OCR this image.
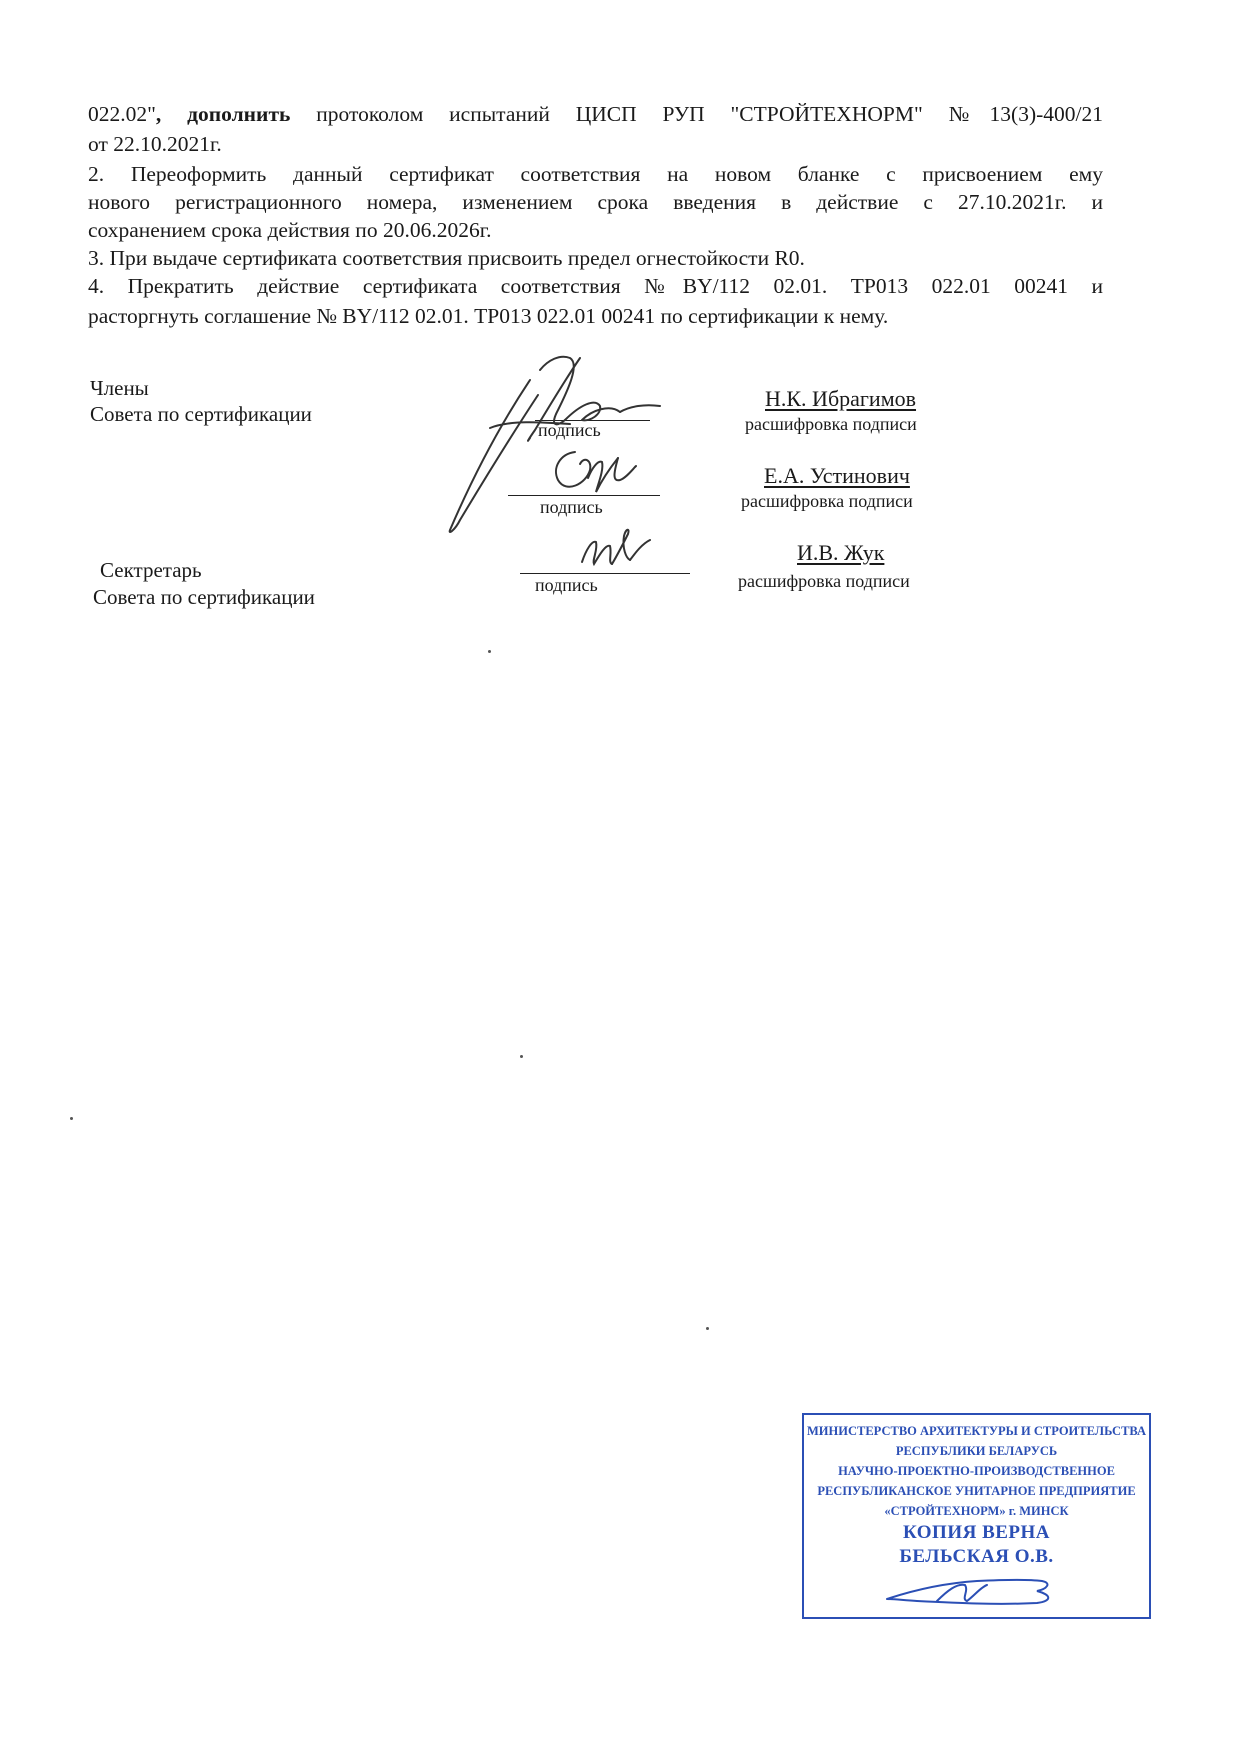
022.02", дополнить протоколом испытаний ЦИСП РУП "СТРОЙТЕХНОРМ" №13(3)-400/21
от 22.10.2021г.
2. Переоформить данный сертификат соответствия на новом бланке с присвоением ему
нового регистрационного номера, изменением срока введения в действие с 27.10.2021г. и
сохранением срока действия по 20.06.2026г.
3. При выдаче сертификата соответствия присвоить предел огнестойкости R0.
4. Прекратить действие сертификата соответствия №BY/112 02.01. ТР013 022.01 00241 и
расторгнуть соглашение № BY/112 02.01. ТР013 022.01 00241 по сертификации к нему.
Члены
Совета по сертификации
Сектретарь
Совета по сертификации
подпись
подпись
подпись
Н.К. Ибрагимов
Е.А. Устинович
И.В. Жук
расшифровка подписи
расшифровка подписи
расшифровка подписи
МИНИСТЕРСТВО АРХИТЕКТУРЫ И СТРОИТЕЛЬСТВА
РЕСПУБЛИКИ БЕЛАРУСЬ
НАУЧНО-ПРОЕКТНО-ПРОИЗВОДСТВЕННОЕ
РЕСПУБЛИКАНСКОЕ УНИТАРНОЕ ПРЕДПРИЯТИЕ
«СТРОЙТЕХНОРМ» г. МИНСК
КОПИЯ ВЕРНА
БЕЛЬСКАЯ О.В.
